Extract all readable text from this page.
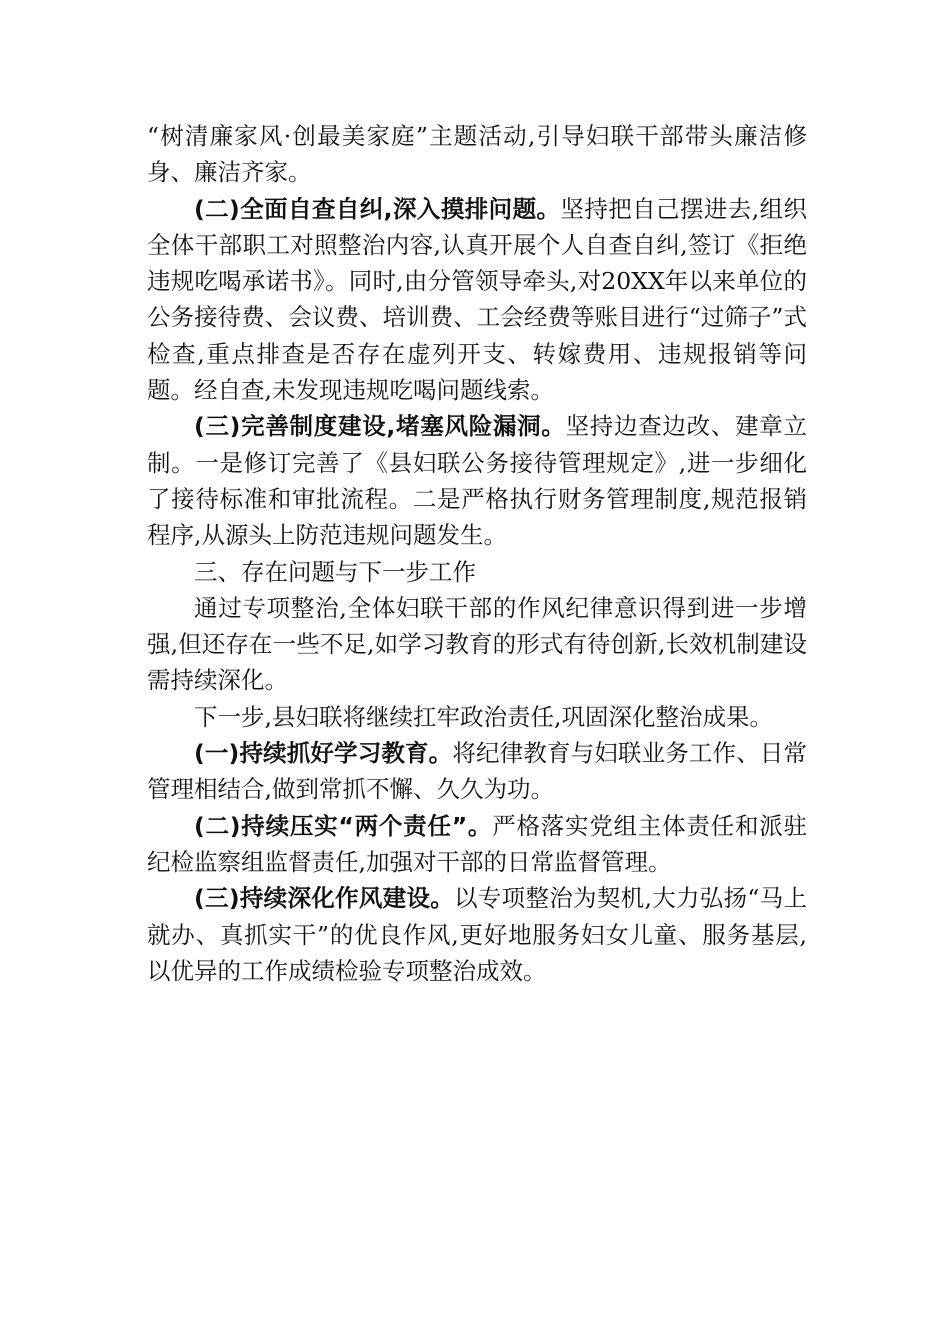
“树清廉家风·创最美家庭”主题活动,引导妇联干部带头廉洁修身、廉洁齐家。

(二)全面自查自纠,深入摸排问题。坚持把自己摆进去,组织全体干部职工对照整治内容,认真开展个人自查自纠,签订《拒绝违规吃喝承诺书》。同时,由分管领导牵头,对20XX年以来单位的公务接待费、会议费、培训费、工会经费等账目进行“过筛子”式检查,重点排查是否存在虚列开支、转嫁费用、违规报销等问题。经自查,未发现违规吃喝问题线索。

(三)完善制度建设,堵塞风险漏洞。坚持边查边改、建章立制。一是修订完善了《县妇联公务接待管理规定》,进一步细化了接待标准和审批流程。二是严格执行财务管理制度,规范报销程序,从源头上防范违规问题发生。

三、存在问题与下一步工作

通过专项整治,全体妇联干部的作风纪律意识得到进一步增强,但还存在一些不足,如学习教育的形式有待创新,长效机制建设需持续深化。

下一步,县妇联将继续扛牢政治责任,巩固深化整治成果。

(一)持续抓好学习教育。将纪律教育与妇联业务工作、日常管理相结合,做到常抓不懈、久久为功。

(二)持续压实“两个责任”。严格落实党组主体责任和派驻纪检监察组监督责任,加强对干部的日常监督管理。

(三)持续深化作风建设。以专项整治为契机,大力弘扬“马上就办、真抓实干”的优良作风,更好地服务妇女儿童、服务基层,以优异的工作成绩检验专项整治成效。
